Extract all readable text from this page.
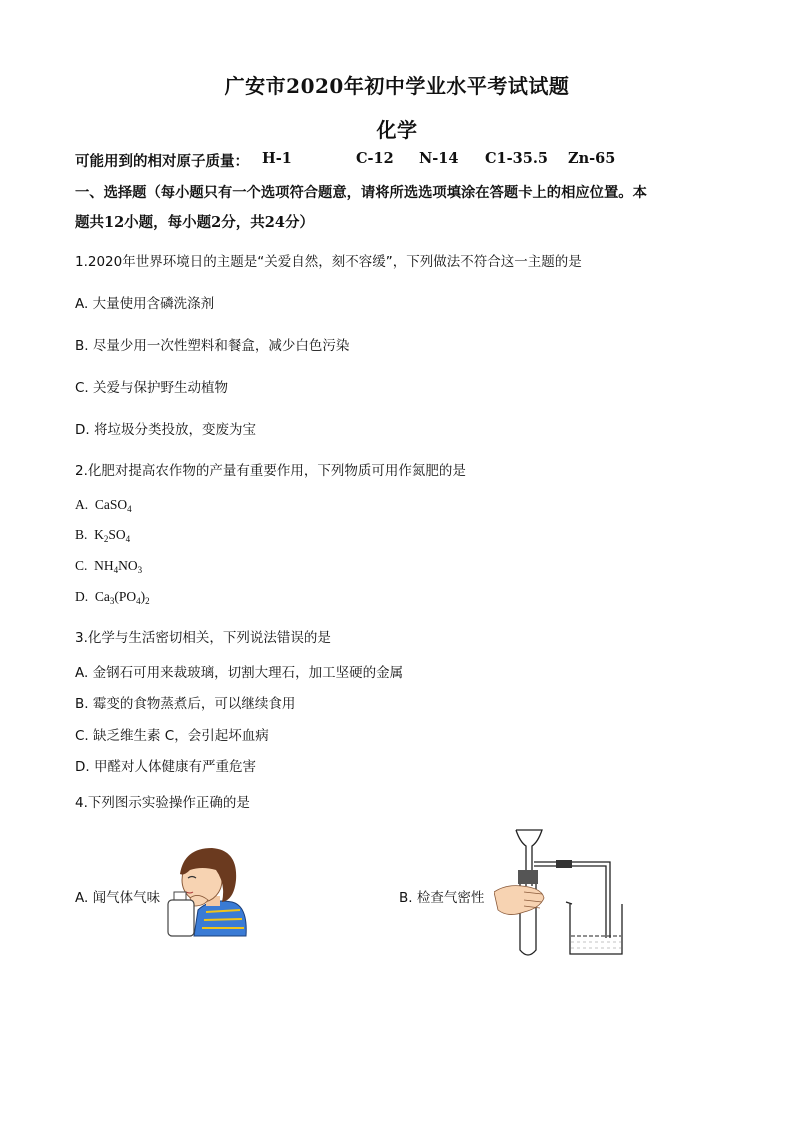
广安市2020年初中学业水平考试试题
化学
可能用到的相对原子质量： H-1	C-12 N-14 C1-35.5 Zn-65
一、选择题（每小题只有一个选项符合题意，请将所选选项填涂在答题卡上的相应位置。本
题共12小题，每小题2分，共24分）
1.2020年世界环境日的主题是“关爱自然，刻不容缓”，下列做法不符合这一主题的是
A. 大量使用含磷洗涤剂
B. 尽量少用一次性塑料和餐盒，减少白色污染
C. 关爱与保护野生动植物
D. 将垃圾分类投放，变废为宝
2.化肥对提高农作物的产量有重要作用，下列物质可用作氮肥的是
A.  CaSO$_4$
B.  $K_2SO_4$
C.  $NH_4NO_3$
D.  $Ca_3(PO_4)_2$
3.化学与生活密切相关，下列说法错误的是
A. 金钢石可用来裁玻璃，切割大理石，加工坚硬的金属
B. 霉变的食物蒸煮后，可以继续食用
C. 缺乏维生素 C，会引起坏血病
D. 甲醛对人体健康有严重危害
4.下列图示实验操作正确的是
A. 闻气体气味	B. 检查气密性
